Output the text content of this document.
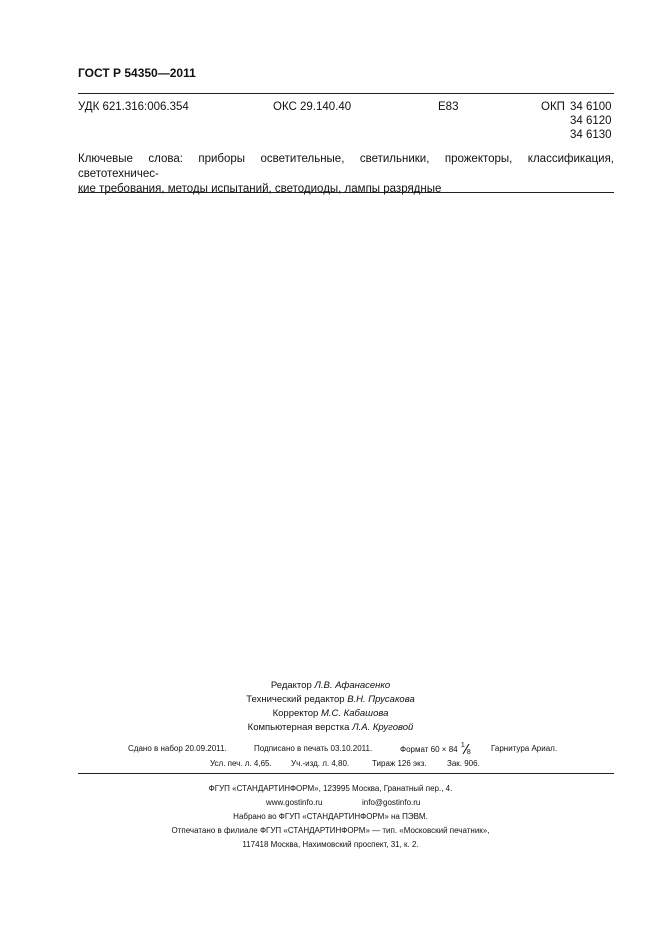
ГОСТ Р 54350—2011
УДК 621.316:006.354	ОКС 29.140.40	Е83	ОКП 34 6100
34 6120
34 6130
Ключевые слова: приборы осветительные, светильники, прожекторы, классификация, светотехничес-
кие требования, методы испытаний, светодиоды, лампы разрядные
Редактор Л.В. Афанасенко
Технический редактор В.Н. Прусакова
Корректор М.С. Кабашова
Компьютерная верстка Л.А. Круговой
Сдано в набор 20.09.2011.	Подписано в печать 03.10.2011.	Формат 60 × 84 1
8	Гарнитура Ариал.
Усл. печ. л. 4,65. Уч.-изд. л. 4,80.	Тираж 126 экз.	Зак. 906.
ФГУП «СТАНДАРТИНФОРМ», 123995 Москва, Гранатный пер., 4.
www.gostinfo.ru	info@gostinfo.ru
Набрано во ФГУП «СТАНДАРТИНФОРМ» на ПЭВМ.
Отпечатано в филиале ФГУП «СТАНДАРТИНФОРМ» — тип. «Московский печатник»,
117418 Москва, Нахимовский проспект, 31, к. 2.
